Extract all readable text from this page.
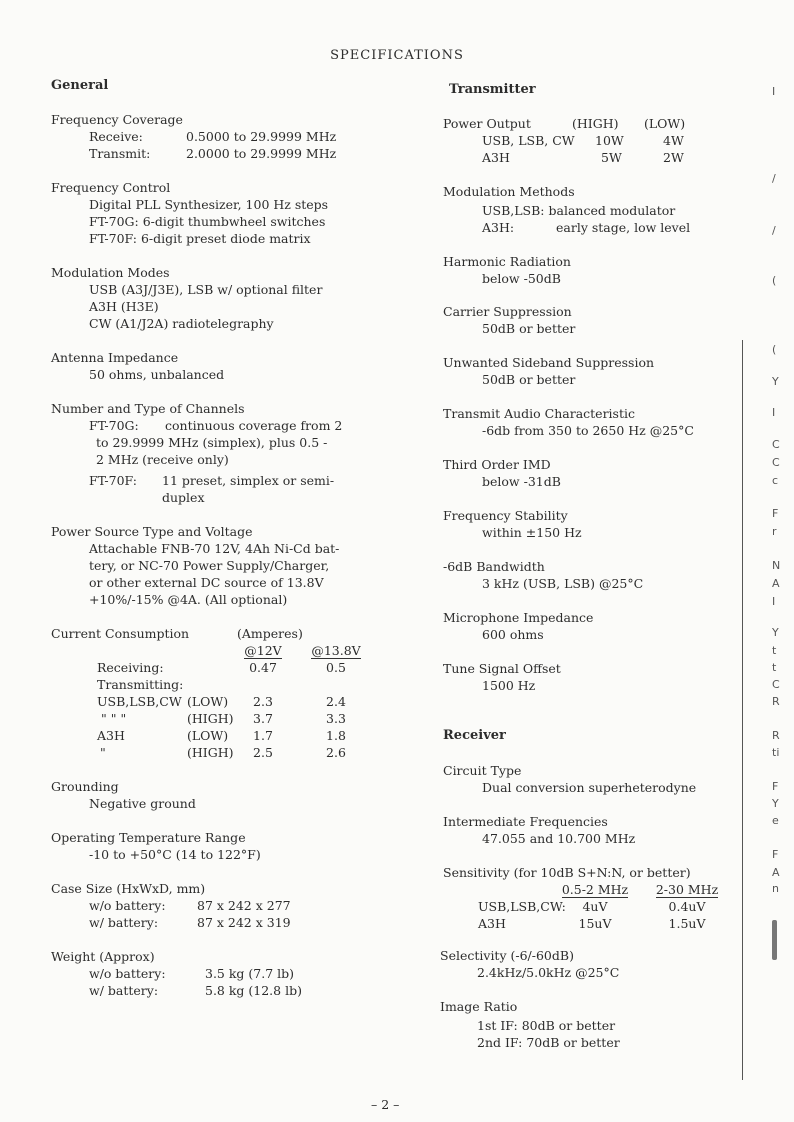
SPECIFICATIONS
General
Frequency Coverage
Receive:	0.5000 to 29.9999 MHz
Transmit:	2.0000 to 29.9999 MHz
Frequency Control
Digital PLL Synthesizer, 100 Hz steps
FT-70G: 6-digit thumbwheel switches
FT-70F: 6-digit preset diode matrix
Modulation Modes
USB (A3J/J3E), LSB w/ optional filter
A3H (H3E)
CW (A1/J2A) radiotelegraphy
Antenna Impedance
50 ohms, unbalanced
Number and Type of Channels
FT-70G: continuous coverage from 2
to 29.9999 MHz (simplex), plus 0.5 -
2 MHz (receive only)
FT-70F: 11 preset, simplex or semi-
duplex
Power Source Type and Voltage
Attachable FNB-70 12V, 4Ah Ni-Cd bat-
tery, or NC-70 Power Supply/Charger,
or other external DC source of 13.8V
+10%/-15% @4A. (All optional)
Current Consumption	(Amperes)
@12V	@13.8V
Receiving:	0.47	0.5
Transmitting:
USB,LSB,CW (LOW)	2.3	2.4
" " "	(HIGH)	3.7	3.3
A3H	(LOW)	1.7	1.8
"	(HIGH)	2.5	2.6
Grounding
Negative ground
Operating Temperature Range
-10 to +50°C (14 to 122°F)
Case Size (HxWxD, mm)
w/o battery:	87 x 242 x 277
w/ battery:	87 x 242 x 319
Weight (Approx)
w/o battery:	3.5 kg (7.7 lb)
w/ battery:	5.8 kg (12.8 lb)
Transmitter
Power Output	(HIGH) (LOW)
USB, LSB, CW 10W	4W
A3H	5W	2W
Modulation Methods
USB,LSB: balanced modulator
A3H:	early stage, low level
Harmonic Radiation
below -50dB
Carrier Suppression
50dB or better
Unwanted Sideband Suppression
50dB or better
Transmit Audio Characteristic
-6db from 350 to 2650 Hz @25°C
Third Order IMD
below -31dB
Frequency Stability
within ±150 Hz
-6dB Bandwidth
3 kHz (USB, LSB) @25°C
Microphone Impedance
600 ohms
Tune Signal Offset
1500 Hz
Receiver
Circuit Type
Dual conversion superheterodyne
Intermediate Frequencies
47.055 and 10.700 MHz
Sensitivity (for 10dB S+N:N, or better)
0.5-2 MHz	2-30 MHz
USB,LSB,CW:	4uV	0.4uV
A3H	15uV	1.5uV
Selectivity (-6/-60dB)
2.4kHz/5.0kHz @25°C
Image Ratio
1st IF: 80dB or better
2nd IF: 70dB or better
– 2 –
I
/
/
(
(
Y
I
C
C
c
F
r
N
A
I
Y
t
t
C
R
R
ti
F
Y
e
F
A
n
